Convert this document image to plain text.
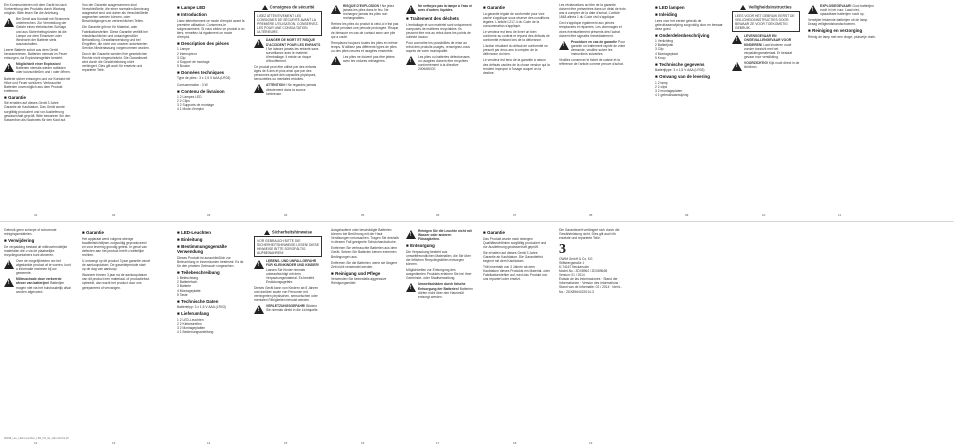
Ein Kommunizieren mit dem Gerät ist nach Vorbereitung des Produkts durch Wartung möglich. Bitte lesen Sie die Anleitung.

!
Bei Gerät aus Kontakt mit Stromnetz unterbrechen. Zur Vermeidung der Gefahr eines elektrischen Schlags und aus Sicherheitsgründen ist die Lampe vor dem Einsetzen oder Wechseln der Batterie stets auszuschalten.

Leerer Batterie sofort aus dem Gerät herausnehmen. Batterien niemals im Feuer entsorgen, da Explosionsgefahr besteht.

!
Möglichkeit einer Explosion! Batterien niemals wieder aufladen oder kurzschließen und / oder öffnen.

Batterie sicher entsorgen und vor Kontakt mit Hitze und Feuer schützen. Verbrauchte Batterien unverzüglich aus dem Produkt entfernen.

■ Garantie

Sie erhalten auf dieses Gerät 3 Jahre Garantie ab Kaufdatum. Das Gerät wurde sorgfältig produziert und vor Auslieferung gewissenhaft geprüft. Bitte bewahren Sie den Kassenbon als Nachweis für den Kauf auf.

01

Von der Garantie ausgenommen sind Verschleißteile, die einer normalen Abnutzung ausgesetzt sind und daher als Verschleißteile angesehen werden können, oder Beschädigungen an zerbrechlichen Teilen.

Die Garantie gilt nur für Material- oder Fabrikationsfehler. Diese Garantie verfällt bei missbräuchlicher und unsachgemäßer Behandlung, Gewaltanwendung und bei Eingriffen, die nicht von unserer autorisierten Service-Niederlassung vorgenommen wurden.

Durch die Garantie werden Ihre gesetzlichen Rechte nicht eingeschränkt. Die Garantiezeit wird durch die Gewährleistung nicht verlängert. Dies gilt auch für ersetzte und reparierte Teile.

02
■ Lampe LED
■ Introduction

Lisez attentivement ce mode d'emploi avant la première utilisation. Conservez-le soigneusement. Si vous cédez ce produit à un tiers, remettez-lui également ce mode d'emploi.

■ Description des pièces
1 Lampe
2 Interrupteur
3 Clip
4 Support de montage
5 Bouton
■ Données techniques

Type de piles : 3 x 1,5 V AAA (LR03)

Consommation : 3 W

■ Contenu de livraison
1 2 Lampes LED
2 2 Clips
3 2 Supports de montage
4 1 Mode d'emploi
03
Consignes de sécurité
LISEZ ATTENTIVEMENT LES CONSIGNES DE SÉCURITÉ AVANT LA PREMIÈRE UTILISATION. CONSERVEZ-LES POUR UNE CONSULTATION ULTÉRIEURE.
!
DANGER DE MORT ET RISQUE D'ACCIDENT POUR LES ENFANTS ! Ne laissez jamais les enfants sans surveillance avec le matériel d'emballage. Il existe un risque d'étouffement.

Ce produit peut être utilisé par des enfants âgés de 8 ans et plus ainsi que par des personnes ayant des capacités physiques, sensorielles ou mentales réduites.

!
ATTENTION ! Ne regardez jamais directement dans la source lumineuse.
04
!
RISQUE D'EXPLOSION ! Ne jetez jamais les piles dans le feu. Ne rechargez jamais les piles non rechargeables.

Retirez les piles du produit si celui-ci n'est pas utilisé pendant une période prolongée. Risque de blessure en cas de contact avec une pile qui a coulé.

Remplacez toujours toutes les piles en même temps. N'utilisez pas différents types de piles ou des piles neuves et usagées ensemble.

!
Les piles ne doivent pas être jetées avec les ordures ménagères.
05
!
Ne nettoyez pas la lampe à l'eau ni avec d'autres liquides.
■ Traitement des déchets

L'emballage et son matériel sont uniquement composés de matières recyclables. Ils peuvent être mis au rebut dans les points de collecte locaux.

Pour connaître les possibilités de mise au rebut des produits usagés, renseignez-vous auprès de votre municipalité.

!
Les piles ou batteries défectueuses ou usagées doivent être recyclées conformément à la directive 2006/66/CE.
06
■ Garantie

La garantie légale de conformité pour vice caché s'applique sous réserve des conditions légales. L'article L217-4 du Code de la consommation s'applique.

Le vendeur est tenu de livrer un bien conforme au contrat et répond des défauts de conformité existant lors de la délivrance.

L'action résultant du défaut de conformité se prescrit par deux ans à compter de la délivrance du bien.

Le vendeur est tenu de la garantie à raison des défauts cachés de la chose vendue qui la rendent impropre à l'usage auquel on la destine.

07

Les réclamations au titre de la garantie doivent être présentées dans un délai de trois ans à compter de la date d'achat. L'article 1648 alinéa 1 du Code civil s'applique.

Ceci s'applique également aux pièces remplacées et réparées. Les dommages et vices éventuellement présents dès l'achat doivent être signalés immédiatement.

!
Procédure en cas de garantie Pour garantir un traitement rapide de votre demande, veuillez suivre les instructions suivantes.

Veuillez conserver le ticket de caisse et la référence de l'article comme preuve d'achat.

08
■ LED lampen
■ Inleiding

Lees voor het eerste gebruik de gebruiksaanwijzing zorgvuldig door en bewaar deze goed.

■ Onderdelenbeschrijving
1 Verlichting
2 Batterijvak
3 Clip
4 Montageplaat
5 Knop
■ Technische gegevens

Batterijtype: 3 x 1,5 V AAA (LR03)

■ Omvang van de levering
1 2 lamp
2 2 clips
3 2 montageplaten
4 1 gebruiksaanwijzing
09
Veiligheidsinstructies
LEES VOOR HET GEBRUIK EERST DE VEILIGHEIDSINSTRUCTIES DOOR. BEWAAR ZE VOOR TOEKOMSTIG GEBRUIK.
!
LEVENSGEVAAR EN ONGEVALLENGEVAAR VOOR KINDEREN! Laat kinderen nooit zonder toezicht met het verpakkingsmateriaal. Er bestaat gevaar voor verstikking.
!
VOORZICHTIG! Kijk nooit direct in de lichtbron.
10
!
EXPLOSIEGEVAAR! Gooi batterijen nooit in het vuur. Laad niet-oplaadbare batterijen nooit op.

Verwijder lekkende batterijen uit de lamp. Draag veiligheidshandschoenen.

■ Reiniging en verzorging

Reinig de lamp met een droge, pluisvrije doek.

11

Gebruik geen scherpe of schurende reinigingsmiddelen.

■ Verwijdering

De verpakking bestaat uit milieuvriendelijke materialen die u via de plaatselijke recyclingcontainers kunt afvoeren.

!
Over de mogelijkheden om het afgedankte product af te voeren, kunt u informatie inwinnen bij uw gemeente.
!
Milieuschade door verkeerde afvoer van batterijen! Batterijen mogen niet via het huishoudelijk afval worden afgevoerd.
12
■ Garantie

Het apparaat werd volgens strenge kwaliteitsrichtlijnen zorgvuldig geproduceerd en voor levering grondig getest. In geval van defecten aan het product heeft u wettelijke rechten.

U ontvangt op dit product 3 jaar garantie vanaf de aankoopdatum. De garantieperiode start op de dag van aankoop.

Wanneer binnen 3 jaar na de aankoopdatum van dit product een materiaal- of productiefout optreedt, dan wordt het product door ons gerepareerd of vervangen.

13
■ LED-Leuchten
■ Einleitung
■ Bestimmungsgemäße Verwendung

Dieses Produkt ist ausschließlich zur Beleuchtung in Innenräumen bestimmt. Es ist für den privaten Gebrauch vorgesehen.

■ Teilebeschreibung
1 Beleuchtung
2 Batteriefach
3 Batterie
4 Montageplatte
5 Taste
■ Technische Daten

Batterietyp: 3 x 1,5 V AAA (LR03)

■ Lieferumfang
1 2 LED-Leuchten
2 2 Klebestreifen
3 2 Montageplatten
4 1 Bedienungsanleitung
14
Sicherheitshinweise
VOR GEBRAUCH BITTE DIE SICHERHEITSHINWEISE LESEN! DIESE HINWEISE BITTE SORGFÄLTIG AUFBEWAHREN!
!
LEBENS- UND UNFALLGEFAHR FÜR KLEINKINDER UND KINDER! Lassen Sie Kinder niemals unbeaufsichtigt mit dem Verpackungsmaterial. Es besteht Erstickungsgefahr.

Dieses Gerät kann von Kindern ab 8 Jahren und darüber sowie von Personen mit verringerten physischen, sensorischen oder mentalen Fähigkeiten benutzt werden.

!
VERLETZUNGSGEFAHR! Blicken Sie niemals direkt in die Lichtquelle.
15

Ausgelaufene oder beschädigte Batterien können bei Berührung mit der Haut Verätzungen verursachen. Tragen Sie deshalb in diesem Fall geeignete Schutzhandschuhe.

Entfernen Sie verbrauchte Batterien aus dem Gerät. Setzen Sie Batterien keinen extremen Bedingungen aus.

Entfernen Sie die Batterien, wenn sie längere Zeit nicht verwendet werden.

■ Reinigung und Pflege

Verwenden Sie keinesfalls aggressive Reinigungsmittel.

16
!
Reinigen Sie die Leuchte nicht mit Wasser oder anderen Flüssigkeiten.
■ Entsorgung

Die Verpackung besteht aus umweltfreundlichen Materialien, die Sie über die örtlichen Recyclingstellen entsorgen können.

Möglichkeiten zur Entsorgung des ausgedienten Produkts erfahren Sie bei Ihrer Gemeinde- oder Stadtverwaltung.

!
Umweltschäden durch falsche Entsorgung der Batterien! Batterien dürfen nicht über den Hausmüll entsorgt werden.
17
■ Garantie

Das Produkt wurde nach strengen Qualitätsrichtlinien sorgfältig produziert und vor Auslieferung gewissenhaft geprüft.

Sie erhalten auf dieses Gerät 3 Jahre Garantie ab Kaufdatum. Die Garantiefrist beginnt mit dem Kaufdatum.

Tritt innerhalb von 3 Jahren ab dem Kaufdatum dieses Produkts ein Material- oder Fabrikationsfehler auf, wird das Produkt von uns repariert oder ersetzt.

18

Die Garantiezeit verlängert sich durch die Gewährleistung nicht. Dies gilt auch für ersetzte und reparierte Teile.

3
OWIM GmbH & Co. KG
Stiftsbergstraße 1
D-74167 Neckarsulm
Model-No.: ZDX8964 / ZDX8964B
Version: 01 / 2014

Estado de las informaciones · Stand der Informationen · Version des informations · Stand van de informatie: 02 / 2014 · Ident.-No.: ZDX8964022014-3

19
95038_Leu_LED-Leuchten_LB3_FR_NL_DE.indd 19-20
